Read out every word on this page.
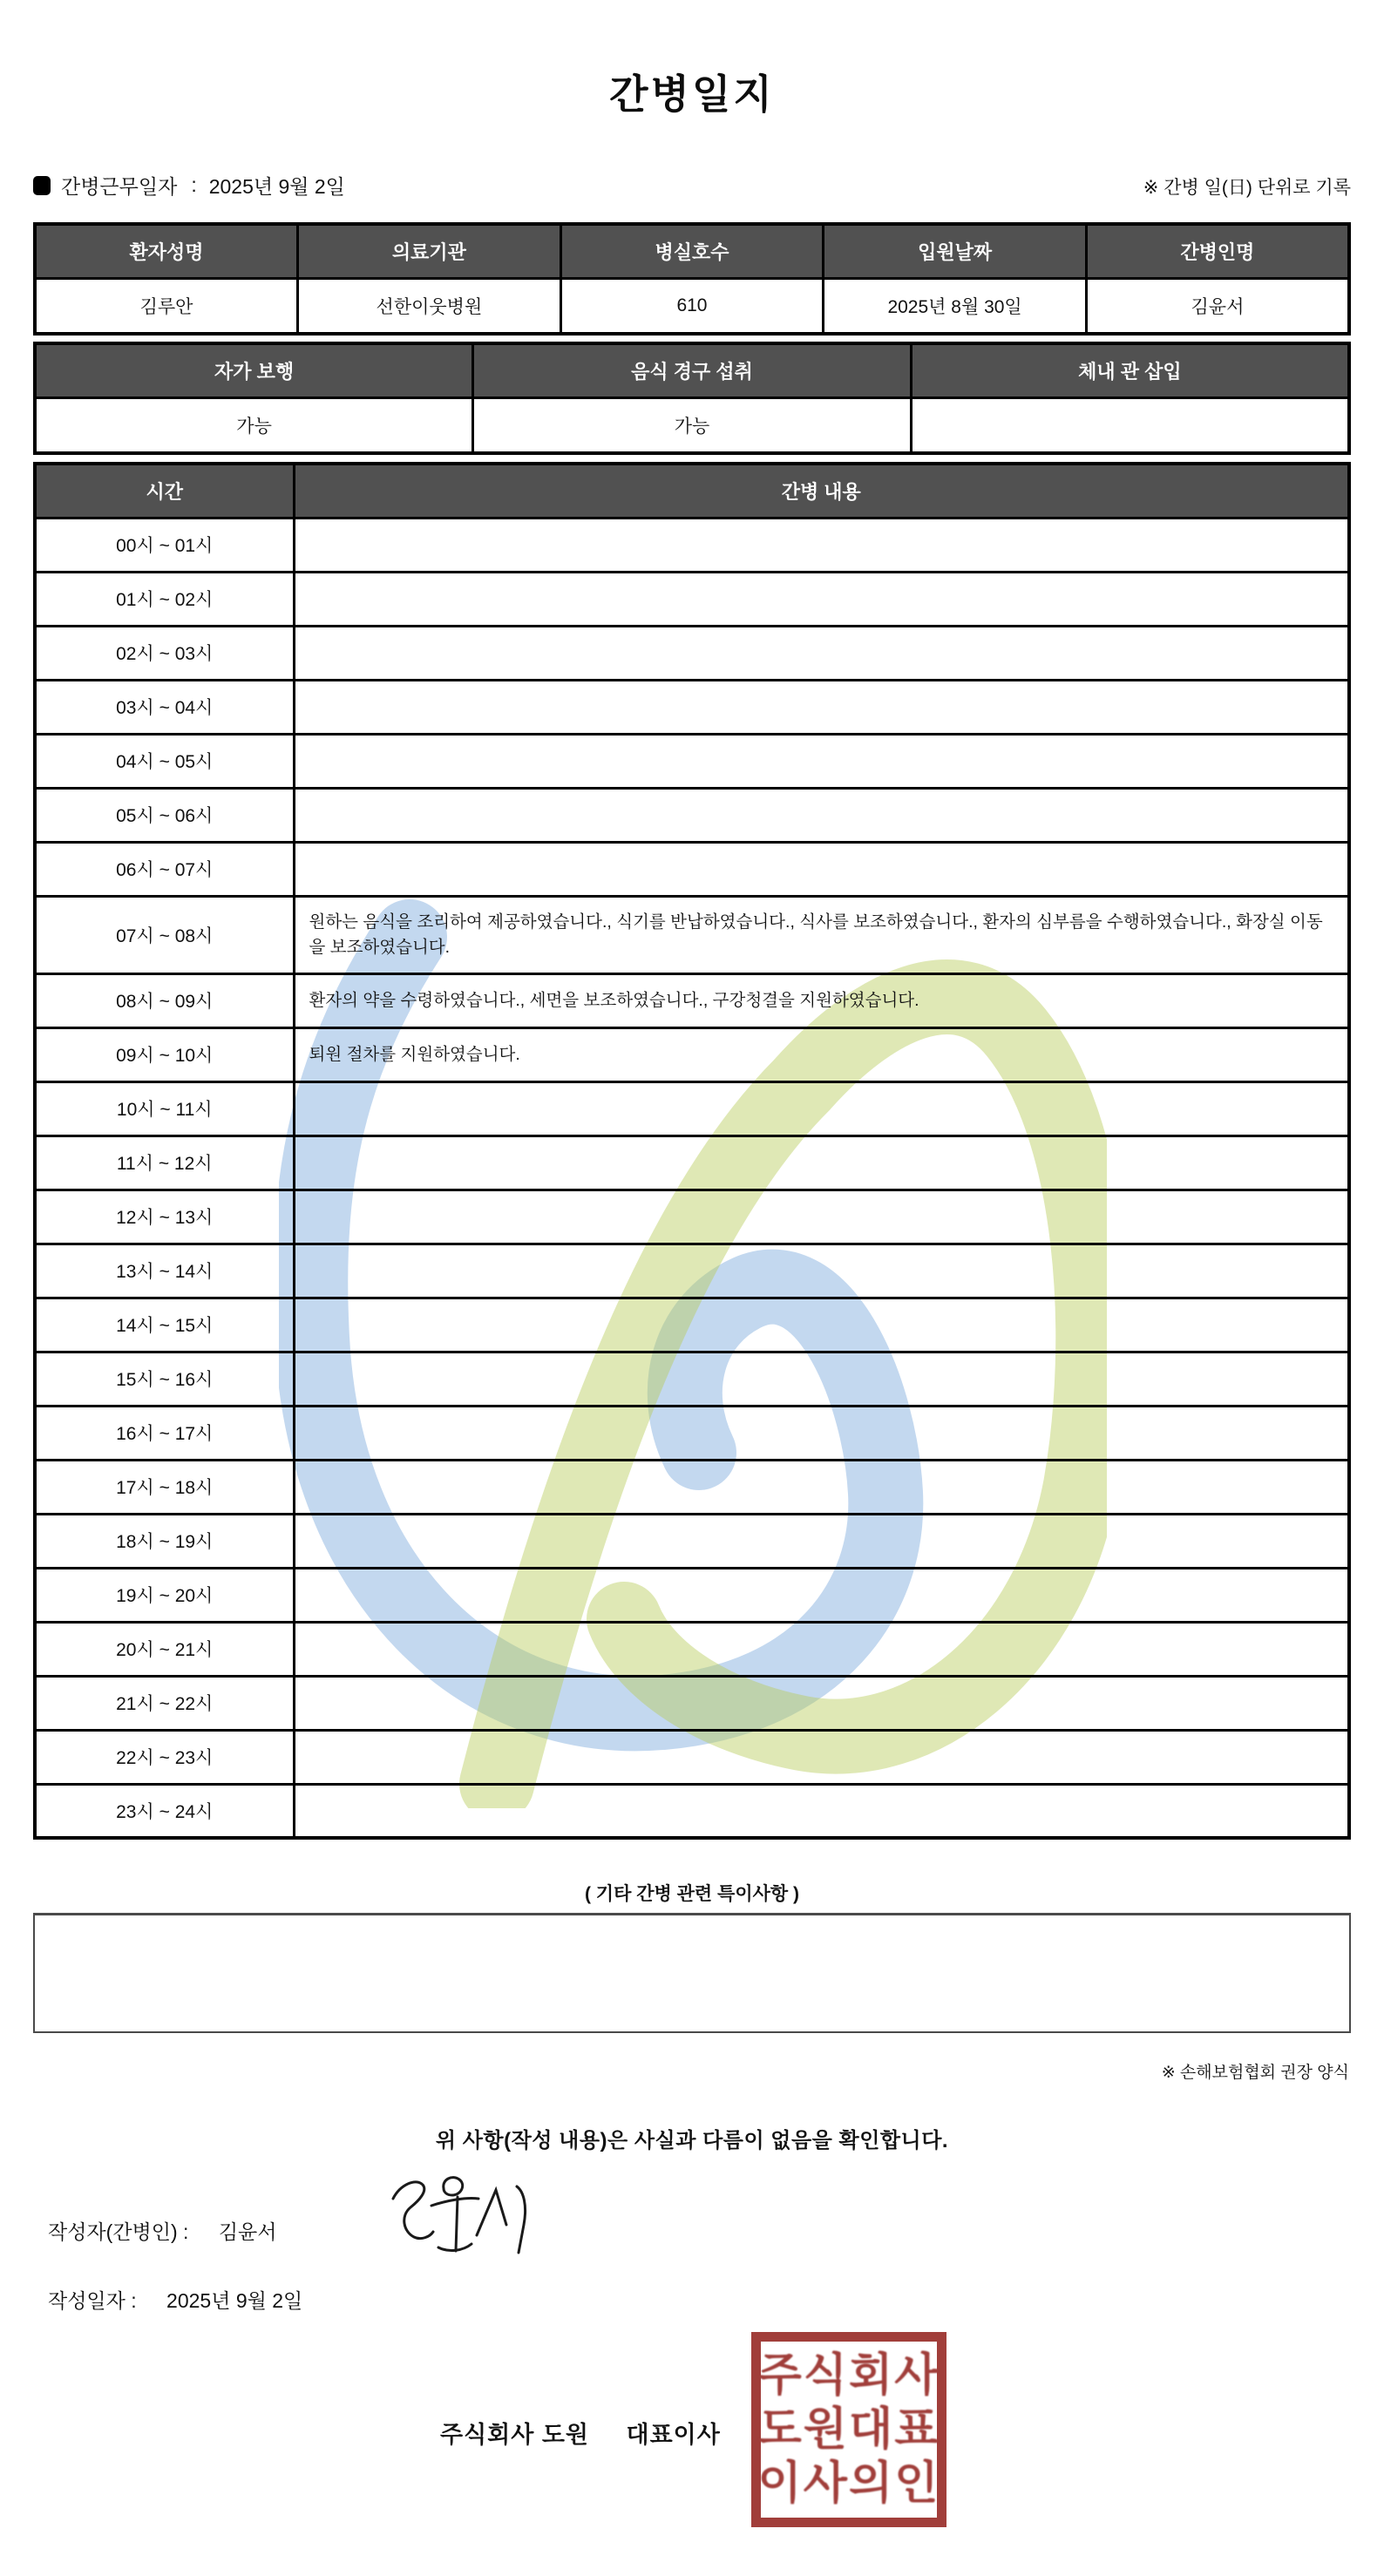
간병일지
간병근무일자 : 2025년 9월 2일	※ 간병 일(日) 단위로 기록
환자성명	의료기관	병실호수	입원날짜	간병인명
김루안	선한이웃병원	610	2025년 8월 30일	김윤서
자가 보행	음식 경구 섭취	체내 관 삽입
가능	가능	
시간	간병 내용
00시 ~ 01시	
01시 ~ 02시	
02시 ~ 03시	
03시 ~ 04시	
04시 ~ 05시	
05시 ~ 06시	
06시 ~ 07시	
07시 ~ 08시	원하는 음식을 조리하여 제공하였습니다., 식기를 반납하였습니다., 식사를 보조하였습니다., 환자의 심부름을 수행하였습니다., 화장실 이동을 보조하였습니다.
08시 ~ 09시	환자의 약을 수령하였습니다., 세면을 보조하였습니다., 구강청결을 지원하였습니다.
09시 ~ 10시	퇴원 절차를 지원하였습니다.
10시 ~ 11시	
11시 ~ 12시	
12시 ~ 13시	
13시 ~ 14시	
14시 ~ 15시	
15시 ~ 16시	
16시 ~ 17시	
17시 ~ 18시	
18시 ~ 19시	
19시 ~ 20시	
20시 ~ 21시	
21시 ~ 22시	
22시 ~ 23시	
23시 ~ 24시	
( 기타 간병 관련 특이사항 )
※ 손해보험협회 권장 양식
위 사항(작성 내용)은 사실과 다름이 없음을 확인합니다.
작성자(간병인) : 김윤서
작성일자 : 2025년 9월 2일
주식회사 도원 대표이사
주식회사
도원대표
이사의인
